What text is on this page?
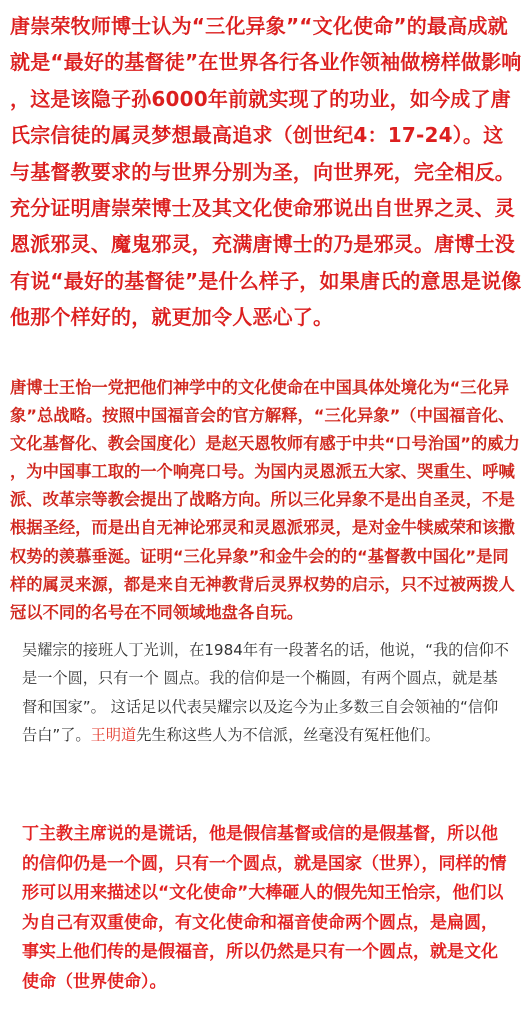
唐崇荣牧师博士认为“三化异象”“文化使命”的最高成就就是“最好的基督徒”在世界各行各业作领袖做榜样做影响，这是该隐子孙6000年前就实现了的功业，如今成了唐氏宗信徒的属灵梦想最高追求（创世纪4：17-24）。这与基督教要求的与世界分别为圣，向世界死，完全相反。充分证明唐崇荣博士及其文化使命邪说出自世界之灵、灵恩派邪灵、魔鬼邪灵，充满唐博士的乃是邪灵。唐博士没有说“最好的基督徒”是什么样子，如果唐氏的意思是说像他那个样好的，就更加令人恶心了。

唐博士王怡一党把他们神学中的文化使命在中国具体处境化为“三化异象”总战略。按照中国福音会的官方解释，“三化异象”（中国福音化、文化基督化、教会国度化）是赵天恩牧师有感于中共“口号治国”的威力，为中国事工取的一个响亮口号。为国内灵恩派五大家、哭重生、呼喊派、改革宗等教会提出了战略方向。所以三化异象不是出自圣灵，不是根据圣经，而是出自无神论邪灵和灵恩派邪灵，是对金牛犊威荣和该撒权势的羡慕垂涎。证明“三化异象”和金牛会的的“基督教中国化”是同样的属灵来源，都是来自无神教背后灵界权势的启示，只不过被两拨人冠以不同的名号在不同领域地盘各自玩。

吴耀宗的接班人丁光训，在1984年有一段著名的话，他说，“我的信仰不是一个圆，只有一个 圆点。我的信仰是一个椭圆，有两个圆点，就是基督和国家”。 这话足以代表吴耀宗以及迄今为止多数三自会领袖的“信仰告白”了。王明道先生称这些人为不信派，丝毫没有冤枉他们。

丁主教主席说的是谎话，他是假信基督或信的是假基督，所以他的信仰仍是一个圆，只有一个圆点，就是国家（世界），同样的情形可以用来描述以“文化使命”大棒砸人的假先知王怡宗，他们以为自己有双重使命，有文化使命和福音使命两个圆点，是扁圆，事实上他们传的是假福音，所以仍然是只有一个圆点，就是文化使命（世界使命）。
